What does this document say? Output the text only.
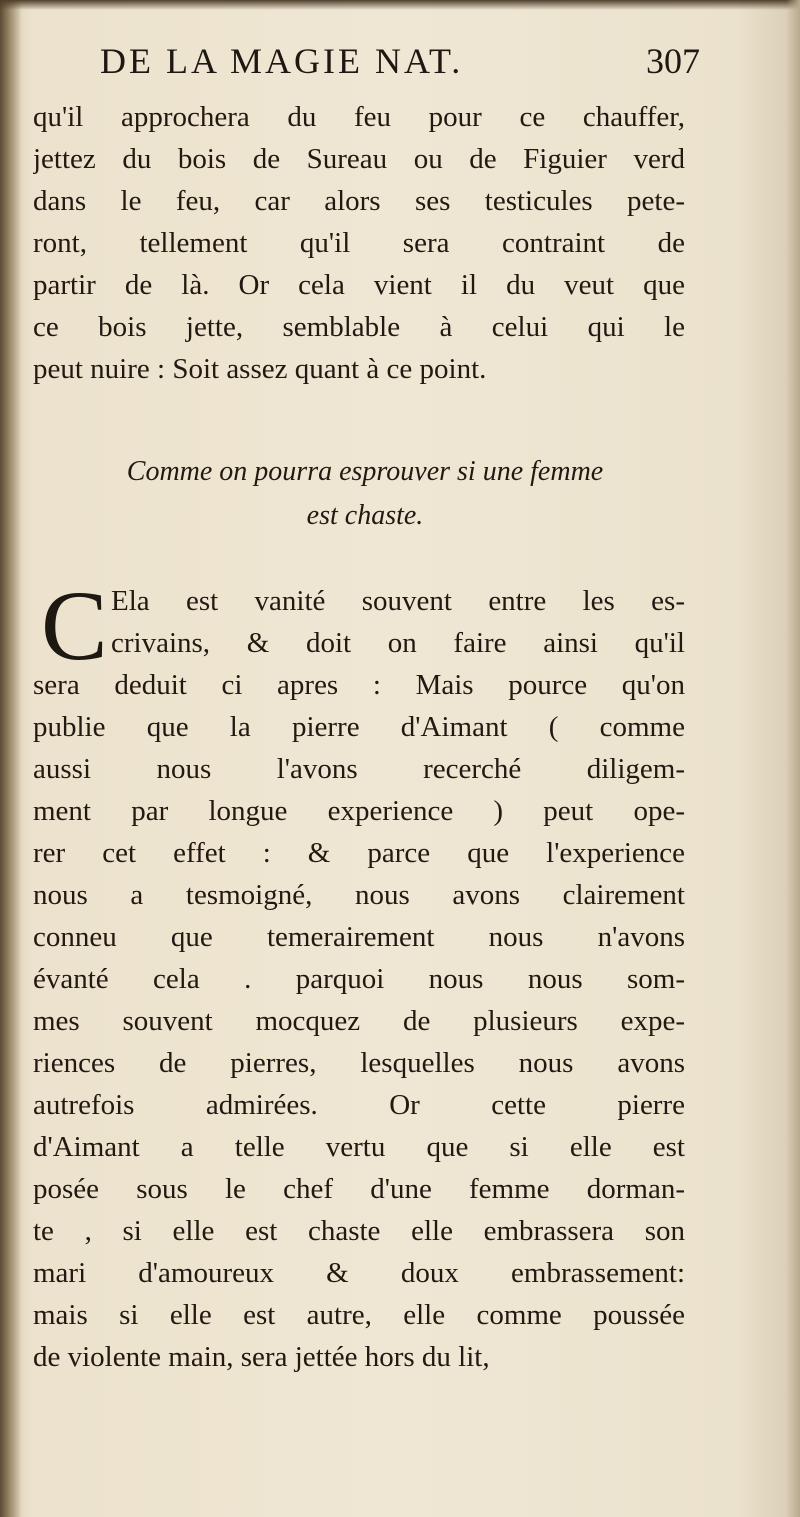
DE LA MAGIE NAT.	307
qu'il approchera du feu pour ce chauffer,
jettez du bois de Sureau ou de Figuier verd
dans le feu, car alors ses testicules pete-
ront, tellement qu'il sera contraint de
partir de là. Or cela vient il du veut que
ce bois jette, semblable à celui qui le
peut nuire : Soit assez quant à ce point.
Comme on pourra esprouver si une femme
est chaste.
C Ela est vanité souvent entre les es-
crivains, & doit on faire ainsi qu'il
sera deduit ci apres : Mais pource qu'on
publie que la pierre d'Aimant ( comme
aussi nous l'avons recerché diligem-
ment par longue experience ) peut ope-
rer cet effet : & parce que l'experience
nous a tesmoigné, nous avons clairement
conneu que temerairement nous n'avons
évanté cela . parquoi nous nous som-
mes souvent mocquez de plusieurs expe-
riences de pierres, lesquelles nous avons
autrefois admirées. Or cette pierre
d'Aimant a telle vertu que si elle est
posée sous le chef d'une femme dorman-
te , si elle est chaste elle embrassera son
mari d'amoureux & doux embrassement:
mais si elle est autre, elle comme poussée
de violente main, sera jettée hors du lit,
